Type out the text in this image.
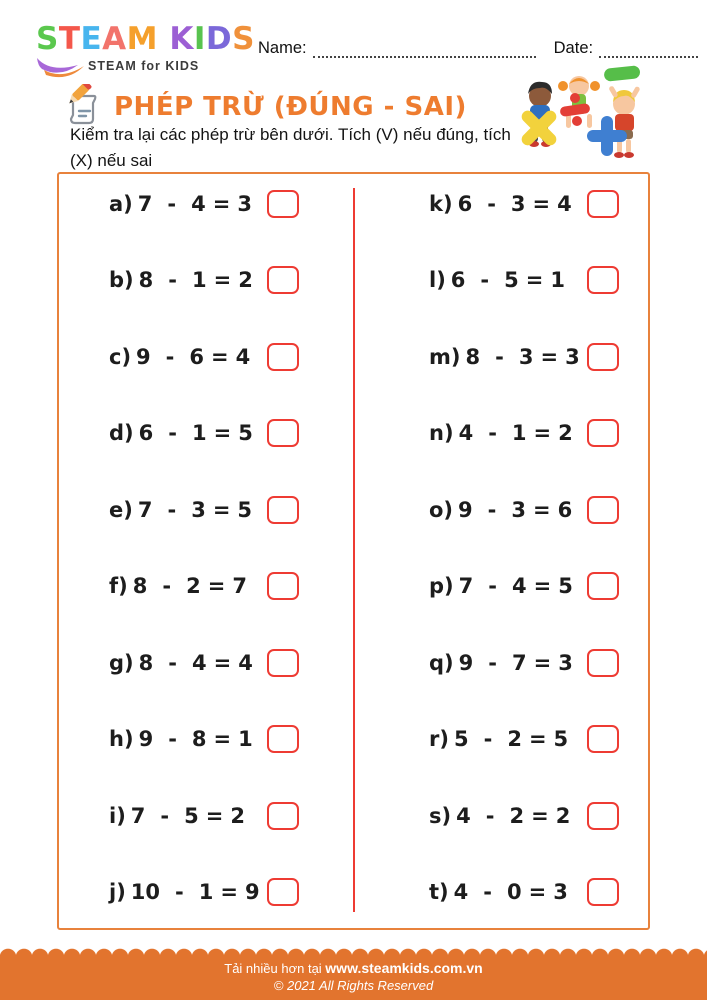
STEAM KIDS
STEAM for KIDS
Name:	Date:
PHÉP TRỪ (ĐÚNG - SAI)
Kiểm tra lại các phép trừ bên dưới. Tích (V) nếu đúng, tích (X) nếu sai
a) 7 - 4 = 3
b) 8 - 1 = 2
c) 9 - 6 = 4
d) 6 - 1 = 5
e) 7 - 3 = 5
f) 8 - 2 = 7
g) 8 - 4 = 4
h) 9 - 8 = 1
i) 7 - 5 = 2
j) 10 - 1 = 9
k) 6 - 3 = 4
l) 6 - 5 = 1
m) 8 - 3 = 3
n) 4 - 1 = 2
o) 9 - 3 = 6
p) 7 - 4 = 5
q) 9 - 7 = 3
r) 5 - 2 = 5
s) 4 - 2 = 2
t) 4 - 0 = 3
Tải nhiều hơn tại www.steamkids.com.vn
© 2021 All Rights Reserved
